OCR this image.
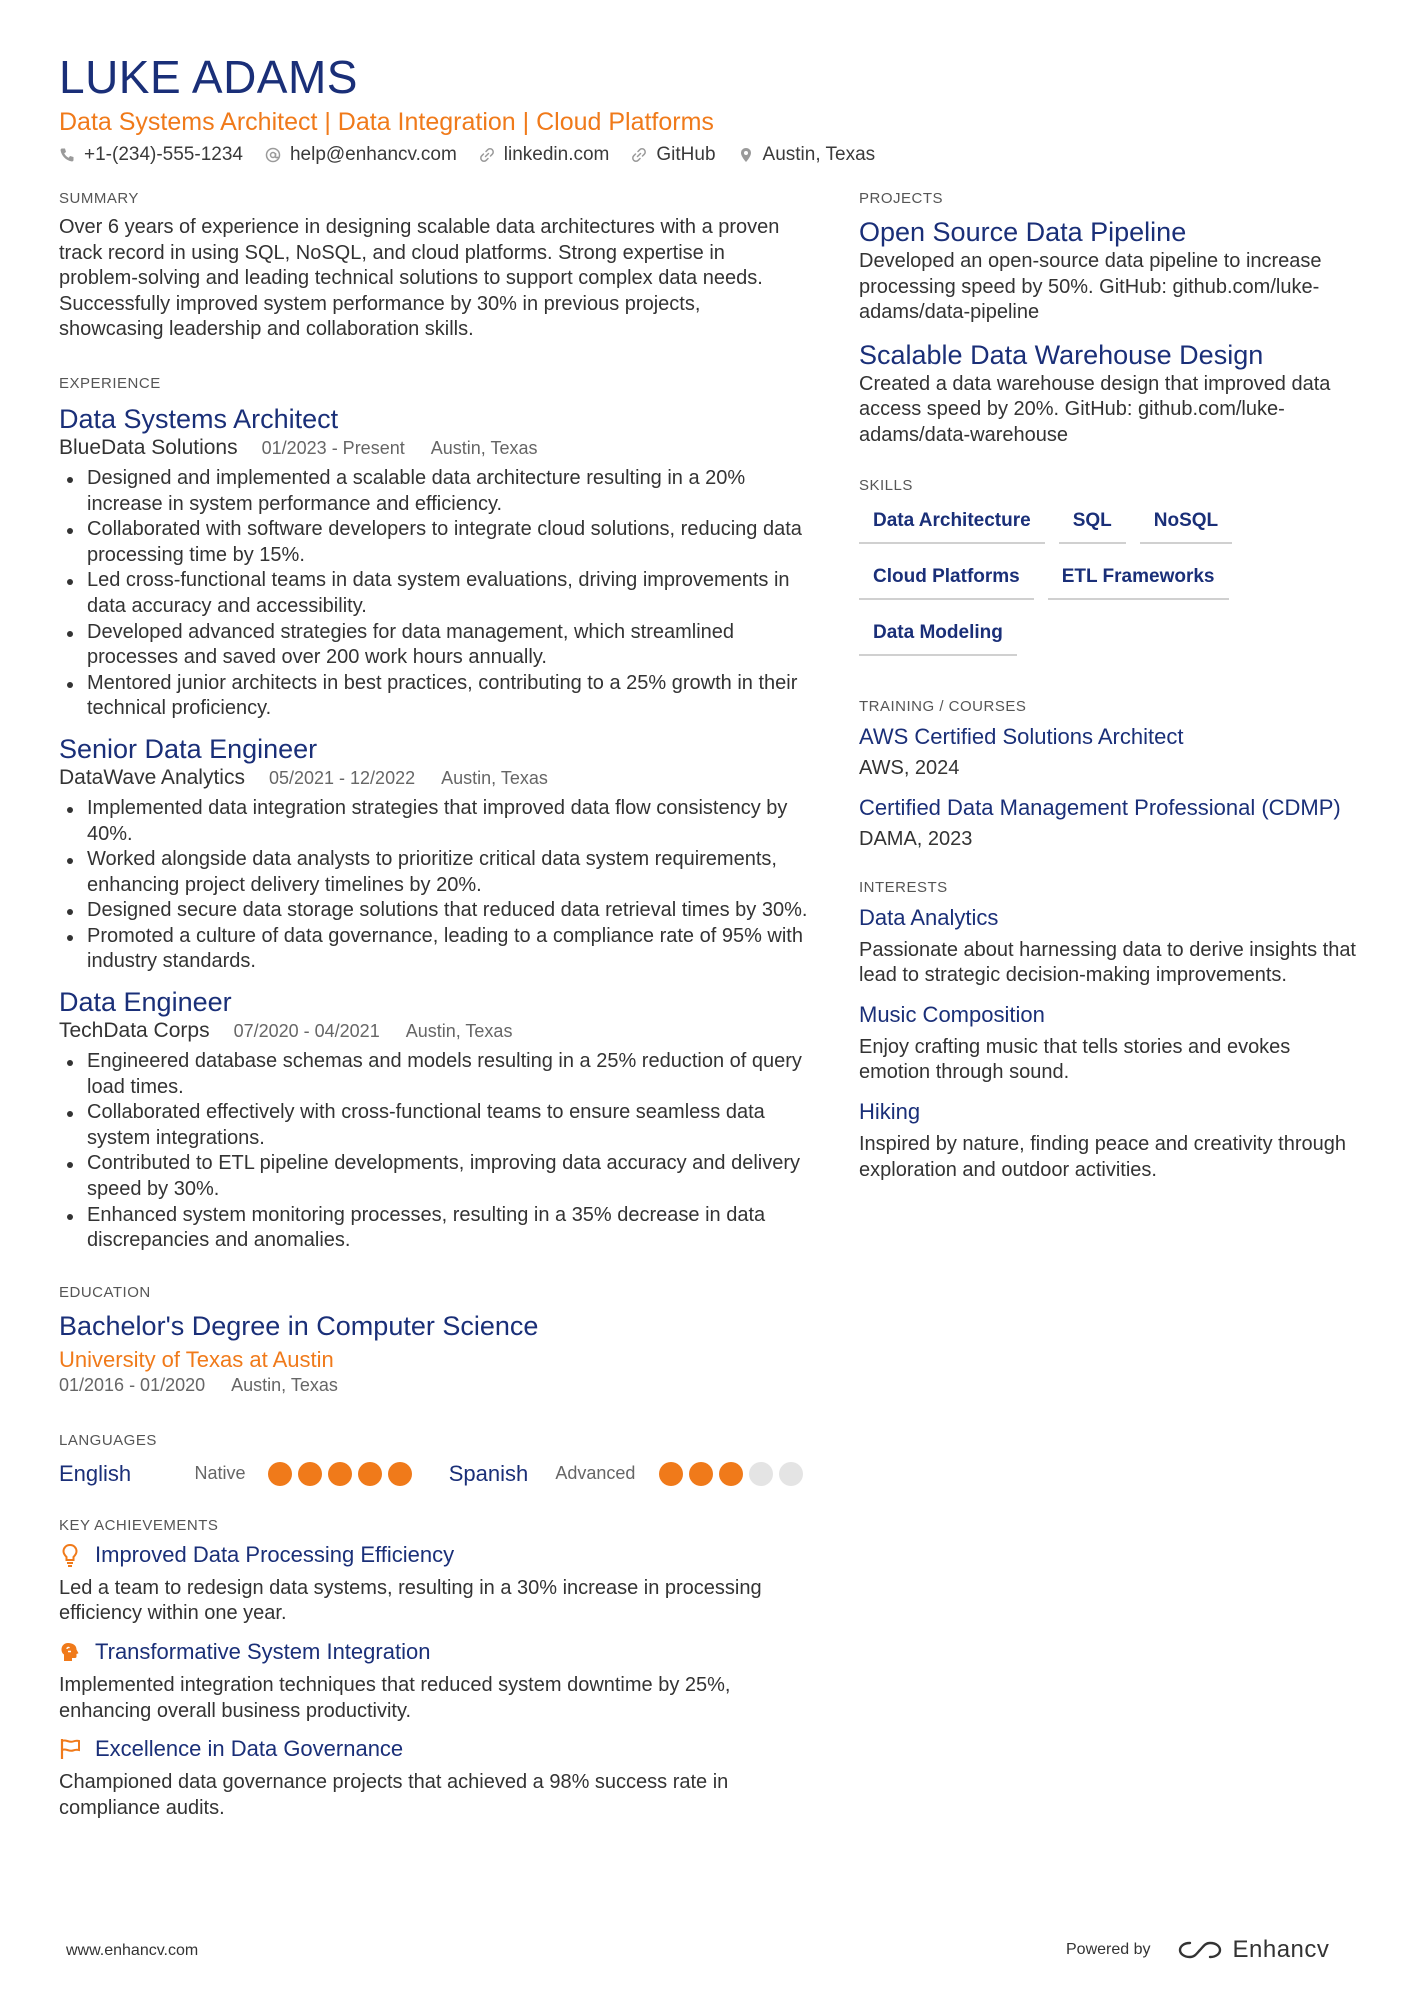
LUKE ADAMS
Data Systems Architect | Data Integration | Cloud Platforms
+1-(234)-555-1234 help@enhancv.com linkedin.com GitHub Austin, Texas
SUMMARY

Over 6 years of experience in designing scalable data architectures with a proven track record in using SQL, NoSQL, and cloud platforms. Strong expertise in problem-solving and leading technical solutions to support complex data needs. Successfully improved system performance by 30% in previous projects, showcasing leadership and collaboration skills.

EXPERIENCE
Data Systems Architect
BlueData Solutions 01/2023 - Present Austin, Texas
Designed and implemented a scalable data architecture resulting in a 20% increase in system performance and efficiency.
Collaborated with software developers to integrate cloud solutions, reducing data processing time by 15%.
Led cross-functional teams in data system evaluations, driving improvements in data accuracy and accessibility.
Developed advanced strategies for data management, which streamlined processes and saved over 200 work hours annually.
Mentored junior architects in best practices, contributing to a 25% growth in their technical proficiency.
Senior Data Engineer
DataWave Analytics 05/2021 - 12/2022 Austin, Texas
Implemented data integration strategies that improved data flow consistency by 40%.
Worked alongside data analysts to prioritize critical data system requirements, enhancing project delivery timelines by 20%.
Designed secure data storage solutions that reduced data retrieval times by 30%.
Promoted a culture of data governance, leading to a compliance rate of 95% with industry standards.
Data Engineer
TechData Corps 07/2020 - 04/2021 Austin, Texas
Engineered database schemas and models resulting in a 25% reduction of query load times.
Collaborated effectively with cross-functional teams to ensure seamless data system integrations.
Contributed to ETL pipeline developments, improving data accuracy and delivery speed by 30%.
Enhanced system monitoring processes, resulting in a 35% decrease in data discrepancies and anomalies.
EDUCATION
Bachelor's Degree in Computer Science
University of Texas at Austin
01/2016 - 01/2020 Austin, Texas
LANGUAGES
English	Native	Spanish	Advanced
KEY ACHIEVEMENTS
Improved Data Processing Efficiency

Led a team to redesign data systems, resulting in a 30% increase in processing efficiency within one year.

Transformative System Integration

Implemented integration techniques that reduced system downtime by 25%, enhancing overall business productivity.

Excellence in Data Governance

Championed data governance projects that achieved a 98% success rate in compliance audits.

PROJECTS
Open Source Data Pipeline

Developed an open-source data pipeline to increase processing speed by 50%. GitHub: github.com/luke-adams/data-pipeline

Scalable Data Warehouse Design

Created a data warehouse design that improved data access speed by 20%. GitHub: github.com/luke-adams/data-warehouse

SKILLS
Data Architecture	SQL	NoSQL
Cloud Platforms	ETL Frameworks
Data Modeling
TRAINING / COURSES
AWS Certified Solutions Architect
AWS, 2024
Certified Data Management Professional (CDMP)
DAMA, 2023
INTERESTS
Data Analytics

Passionate about harnessing data to derive insights that lead to strategic decision-making improvements.

Music Composition

Enjoy crafting music that tells stories and evokes emotion through sound.

Hiking

Inspired by nature, finding peace and creativity through exploration and outdoor activities.

www.enhancv.com	Powered by	Enhancv
